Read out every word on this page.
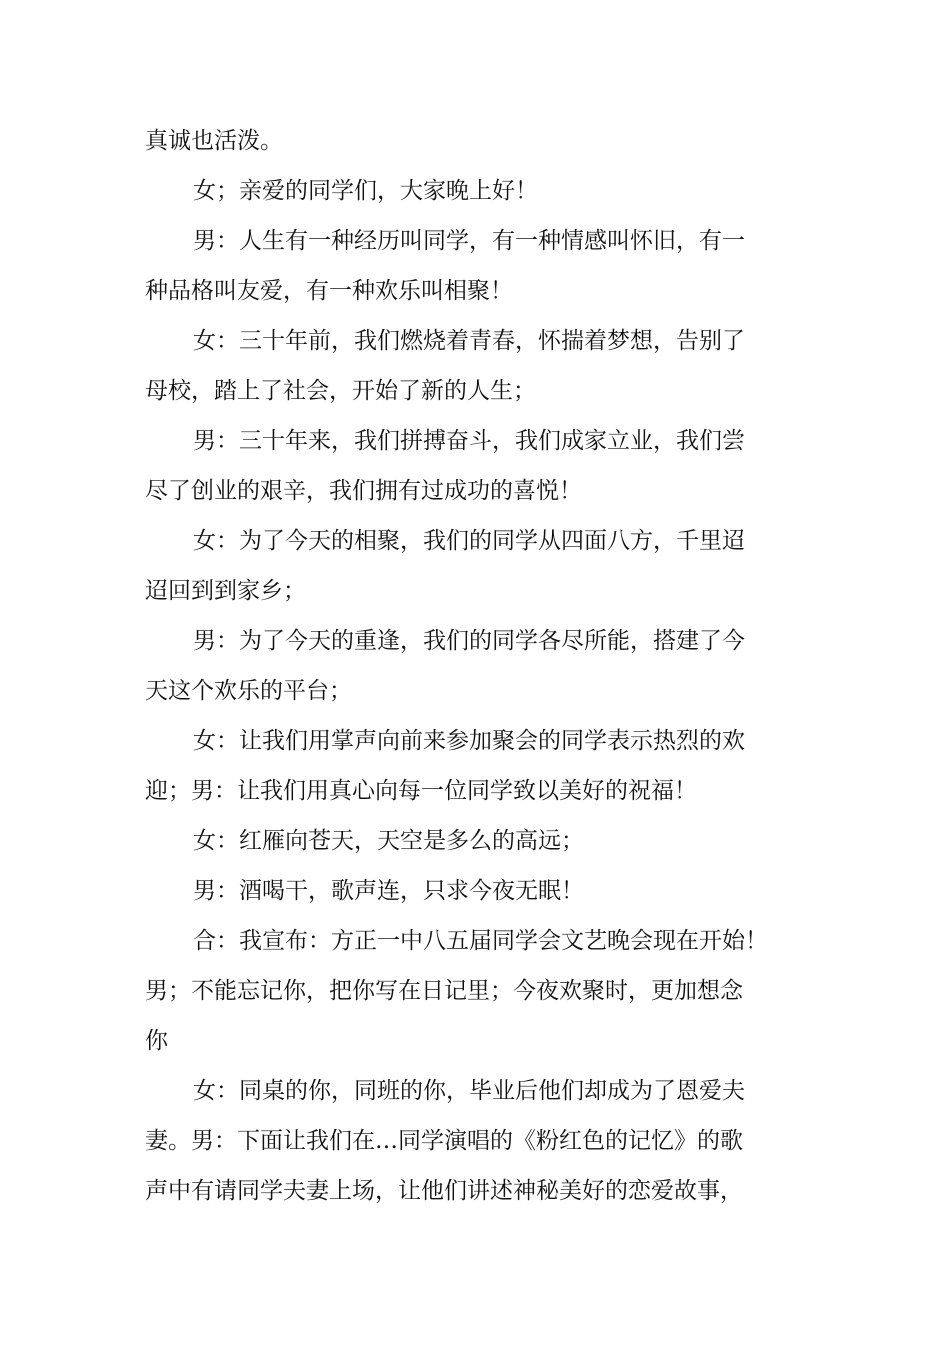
真诚也活泼。
女；亲爱的同学们，大家晚上好！
男：人生有一种经历叫同学，有一种情感叫怀旧，有一
种品格叫友爱，有一种欢乐叫相聚！
女：三十年前，我们燃烧着青春，怀揣着梦想，告别了
母校，踏上了社会，开始了新的人生；
男：三十年来，我们拼搏奋斗，我们成家立业，我们尝
尽了创业的艰辛，我们拥有过成功的喜悦！
女：为了今天的相聚，我们的同学从四面八方，千里迢
迢回到到家乡；
男：为了今天的重逢，我们的同学各尽所能，搭建了今
天这个欢乐的平台；
女：让我们用掌声向前来参加聚会的同学表示热烈的欢
迎；男：让我们用真心向每一位同学致以美好的祝福！
女：红雁向苍天，天空是多么的高远；
男：酒喝干，歌声连，只求今夜无眠！
合：我宣布：方正一中八五届同学会文艺晚会现在开始！
男；不能忘记你，把你写在日记里；今夜欢聚时，更加想念
你
女：同桌的你，同班的你，毕业后他们却成为了恩爱夫
妻。男：下面让我们在…同学演唱的《粉红色的记忆》的歌
声中有请同学夫妻上场，让他们讲述神秘美好的恋爱故事，
